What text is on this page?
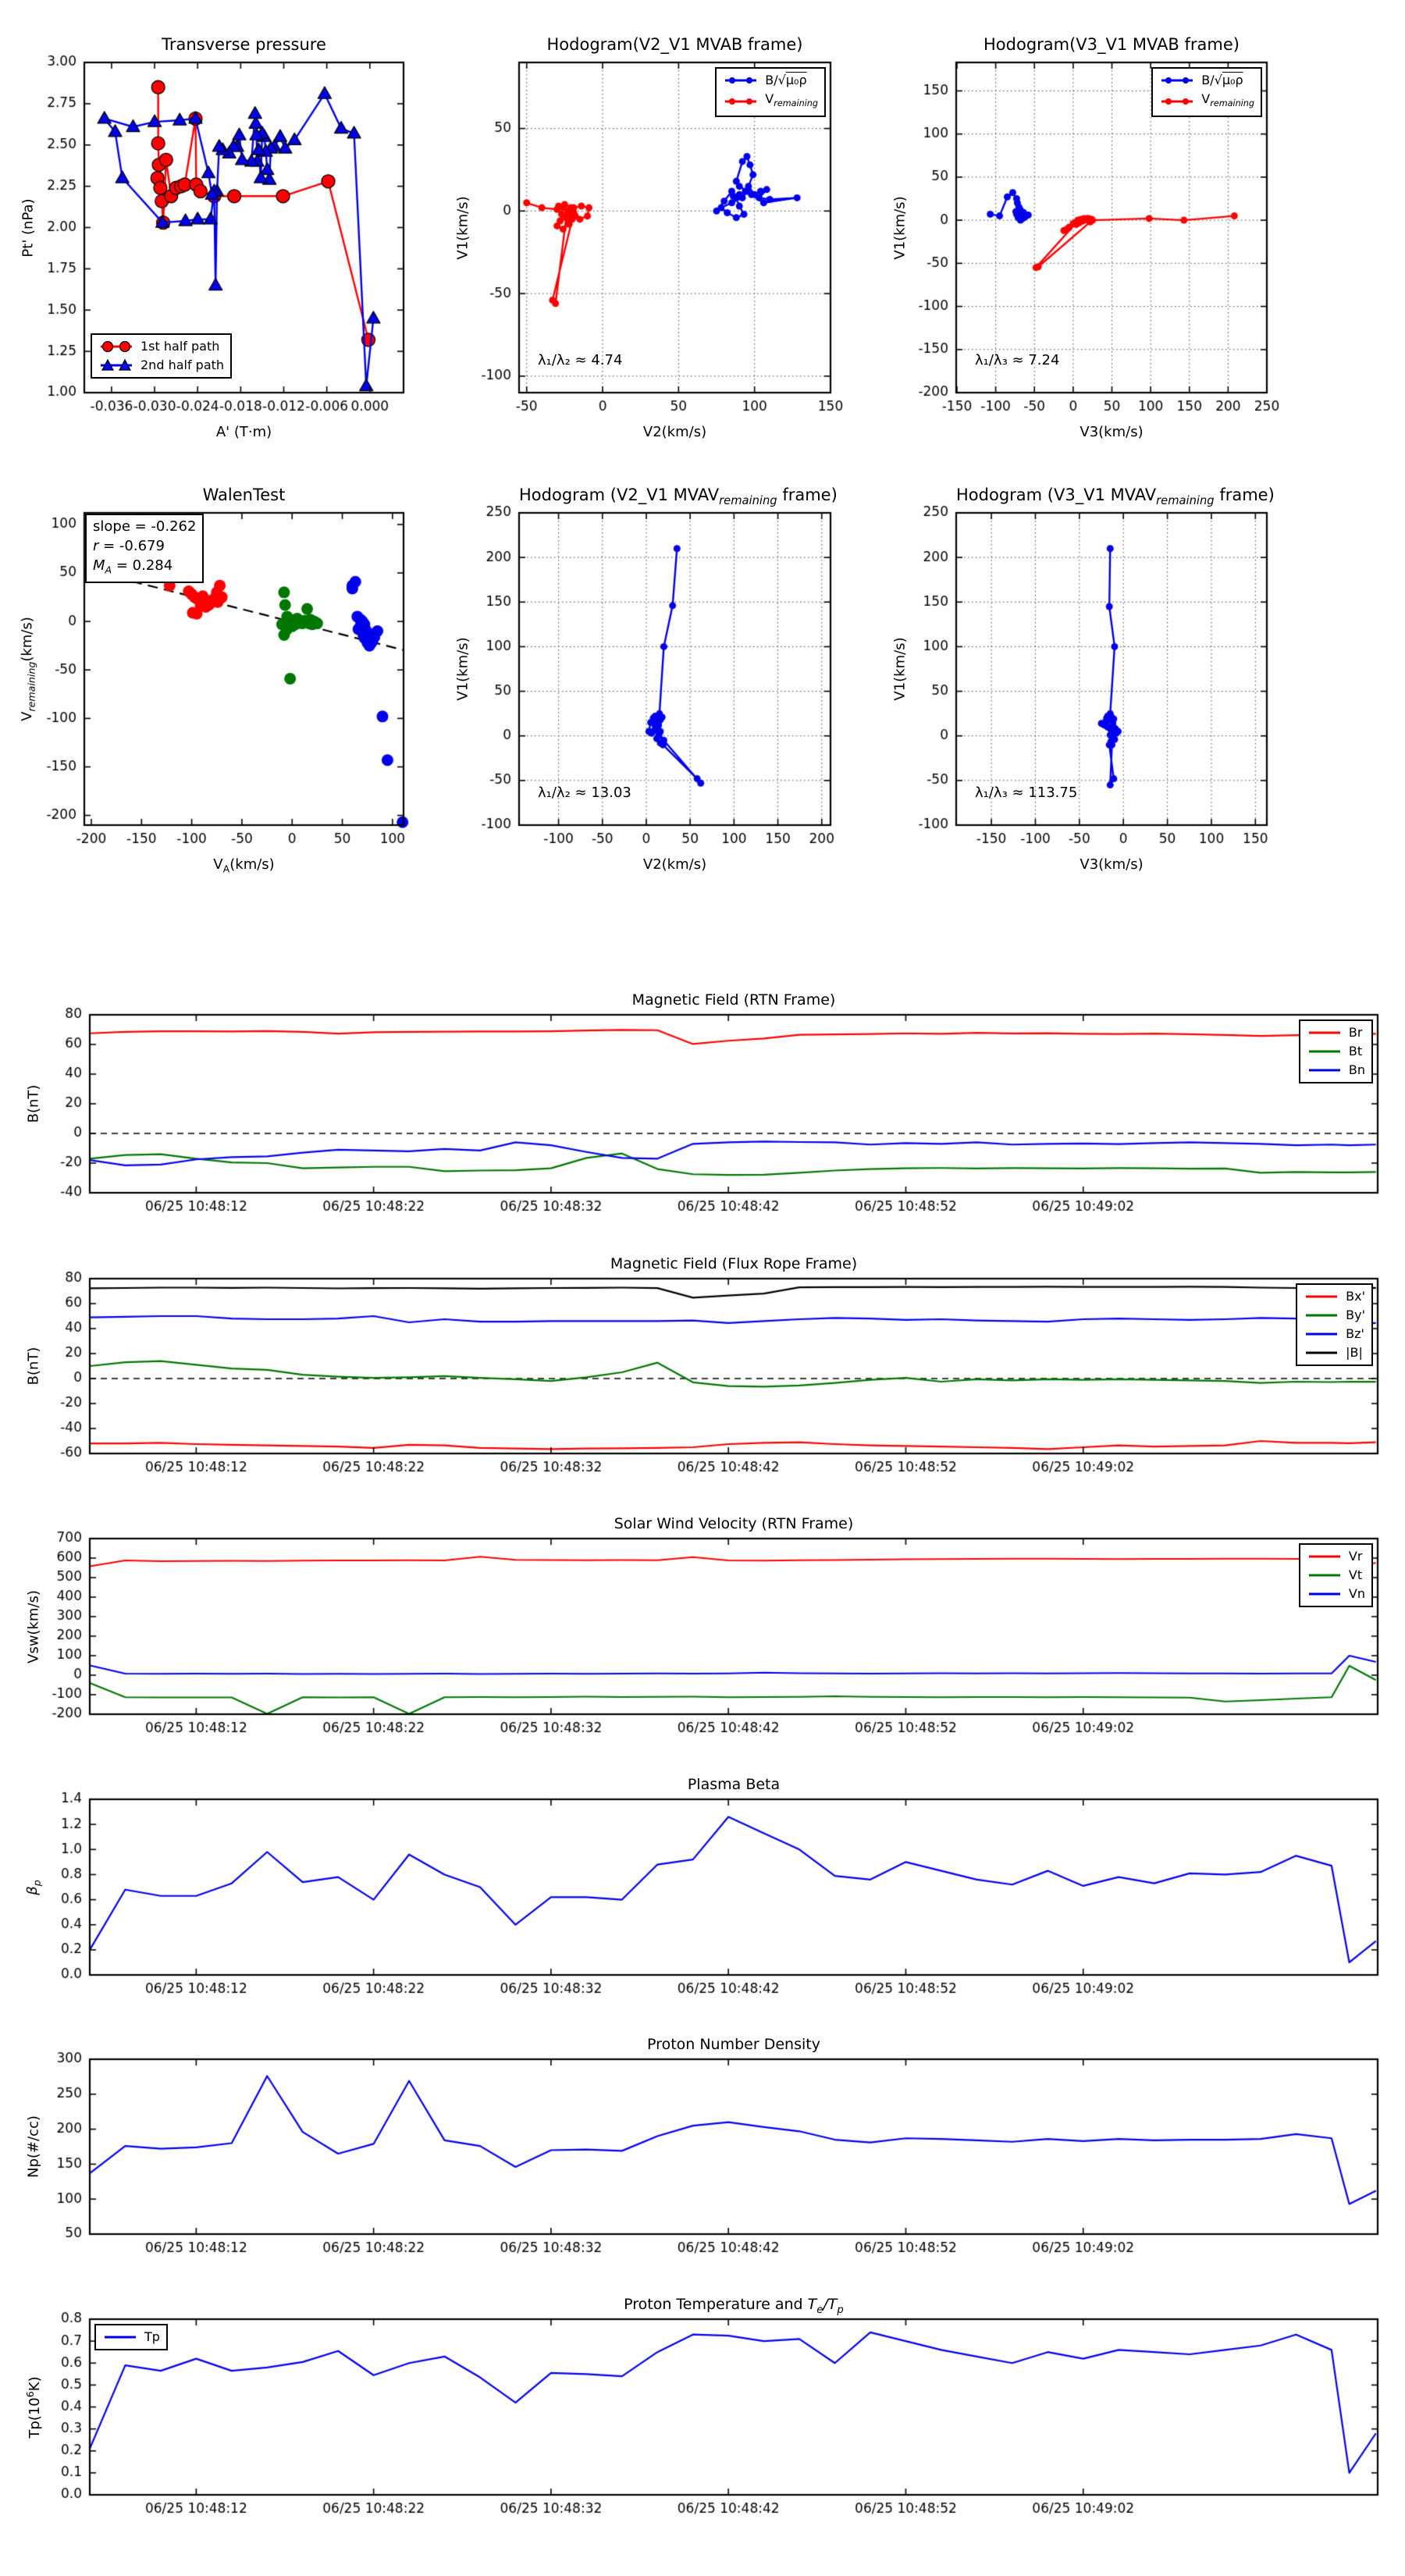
Transverse pressure
A' (T·m)
Pt' (nPa)
1st half path
2nd half path
Hodogram(V2_V1 MVAB frame)
V2(km/s)
V1(km/s)
λ₁/λ₂ ≈ 4.74
B/√μ₀ρ
$V_{remaining}$
Hodogram(V3_V1 MVAB frame)
V3(km/s)
V1(km/s)
λ₁/λ₃ ≈ 7.24
B/√μ₀ρ
$V_{remaining}$
WalenTest
$V_A(km/s)$
$V_{remaining}(km/s)$
slope = -0.262
r = -0.679
$M_A = 0.284$
Hodogram (V2_V1 $MVAV_{remaining}$ frame)
V2(km/s)
V1(km/s)
λ₁/λ₂ ≈ 13.03
Hodogram (V3_V1 $MVAV_{remaining}$ frame)
V3(km/s)
V1(km/s)
λ₁/λ₃ ≈ 113.75
Magnetic Field (RTN Frame)
B(nT)
Br
Bt
Bn
Magnetic Field (Flux Rope Frame)
B(nT)
Bx'
By'
Bz'
|B|
Solar Wind Velocity (RTN Frame)
Vsw(km/s)
Vr
Vt
Vn
Plasma Beta
$\beta_p$
Proton Number Density
Np(#/cc)
Proton Temperature and $T_e/T_p$
$Tp(10^6K)$
Tp
